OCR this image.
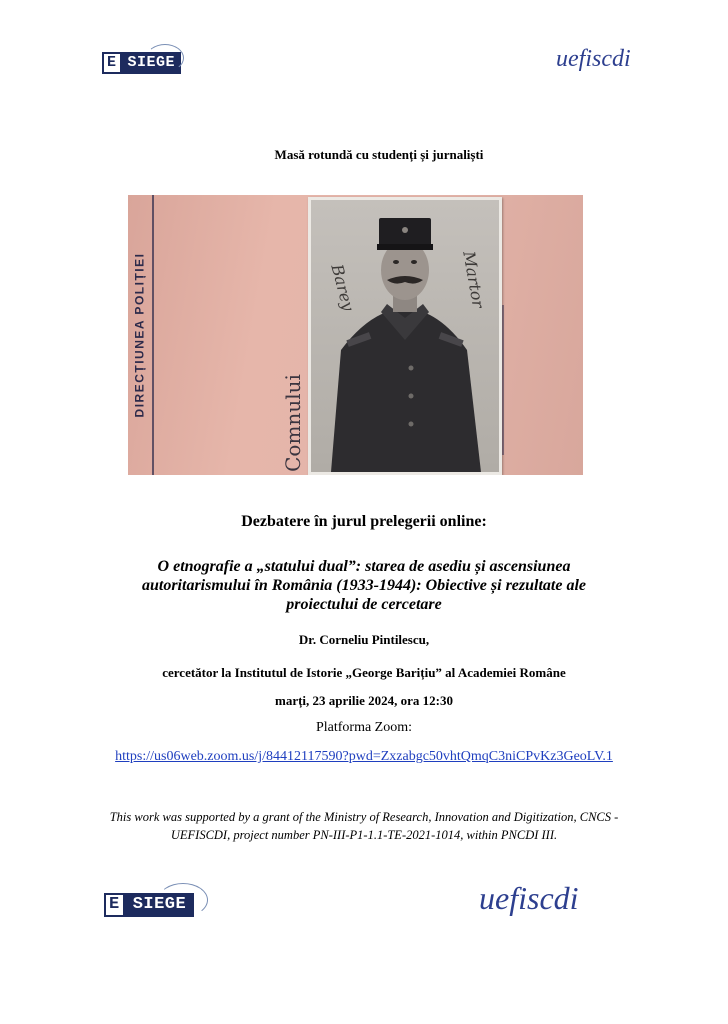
E SIEGE	uefiscdi
Masă rotundă cu studenți și jurnaliști
DIRECȚIUNEA POLIȚIEI
Comnului
Barey	Martor
Dezbatere în jurul prelegerii online:
O etnografie a „statului dual”: starea de asediu și ascensiunea
autoritarismului în România (1933-1944): Obiective și rezultate ale
proiectului de cercetare
Dr. Corneliu Pintilescu,
cercetător la Institutul de Istorie „George Barițiu” al Academiei Române
marți, 23 aprilie 2024, ora 12:30
Platforma Zoom:
https://us06web.zoom.us/j/84412117590?pwd=Zxzabgc50vhtQmqC3niCPvKz3GeoLV.1
This work was supported by a grant of the Ministry of Research, Innovation and Digitization, CNCS -
UEFISCDI, project number PN-III-P1-1.1-TE-2021-1014, within PNCDI III.
E SIEGE	uefiscdi
